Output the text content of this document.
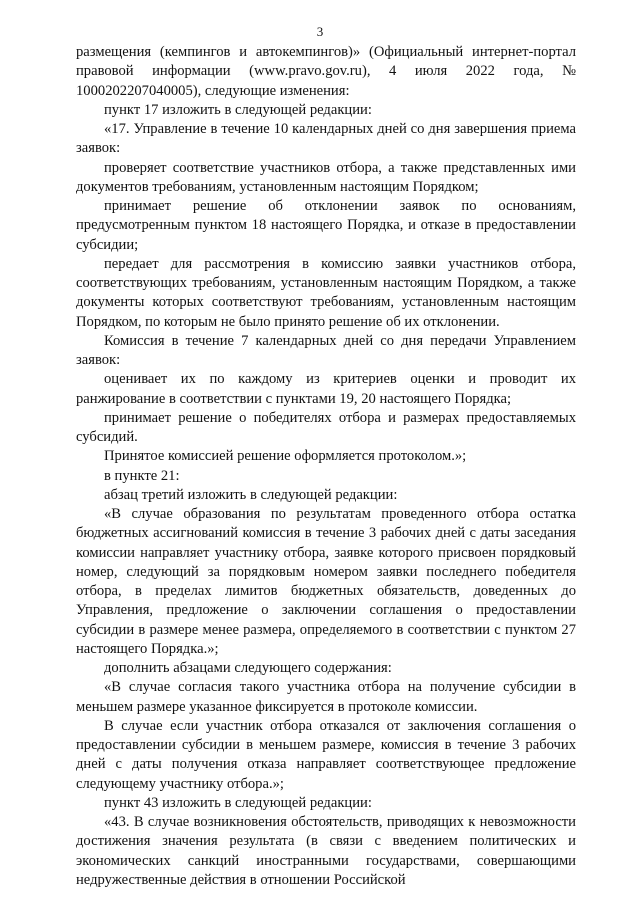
3

размещения (кемпингов и автокемпингов)» (Официальный интернет-портал правовой информации (www.pravo.gov.ru), 4 июля 2022 года, № 1000202207040005), следующие изменения:

пункт 17 изложить в следующей редакции:

«17. Управление в течение 10 календарных дней со дня завершения приема заявок:

проверяет соответствие участников отбора, а также представленных ими документов требованиям, установленным настоящим Порядком;

принимает решение об отклонении заявок по основаниям, предусмотренным пунктом 18 настоящего Порядка, и отказе в предоставлении субсидии;

передает для рассмотрения в комиссию заявки участников отбора, соответствующих требованиям, установленным настоящим Порядком, а также документы которых соответствуют требованиям, установленным настоящим Порядком, по которым не было принято решение об их отклонении.

Комиссия в течение 7 календарных дней со дня передачи Управлением заявок:

оценивает их по каждому из критериев оценки и проводит их ранжирование в соответствии с пунктами 19, 20 настоящего Порядка;

принимает решение о победителях отбора и размерах предоставляемых субсидий.

Принятое комиссией решение оформляется протоколом.»;

в пункте 21:

абзац третий изложить в следующей редакции:

«В случае образования по результатам проведенного отбора остатка бюджетных ассигнований комиссия в течение 3 рабочих дней с даты заседания комиссии направляет участнику отбора, заявке которого присвоен порядковый номер, следующий за порядковым номером заявки последнего победителя отбора, в пределах лимитов бюджетных обязательств, доведенных до Управления, предложение о заключении соглашения о предоставлении субсидии в размере менее размера, определяемого в соответствии с пунктом 27 настоящего Порядка.»;

дополнить абзацами следующего содержания:

«В случае согласия такого участника отбора на получение субсидии в меньшем размере указанное фиксируется в протоколе комиссии.

В случае если участник отбора отказался от заключения соглашения о предоставлении субсидии в меньшем размере, комиссия в течение 3 рабочих дней с даты получения отказа направляет соответствующее предложение следующему участнику отбора.»;

пункт 43 изложить в следующей редакции:

«43. В случае возникновения обстоятельств, приводящих к невозможности достижения значения результата (в связи с введением политических и экономических санкций иностранными государствами, совершающими недружественные действия в отношении Российской
